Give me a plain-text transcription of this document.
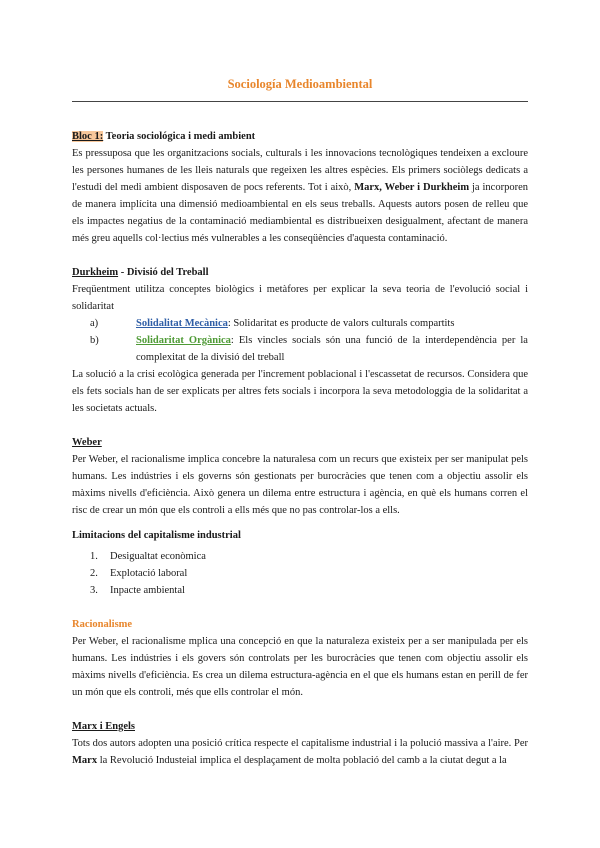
Sociología Medioambiental
Bloc 1: Teoria sociológica i medi ambient

Es pressuposa que les organitzacions socials, culturals i les innovacions tecnològiques tendeixen a excloure les persones humanes de les lleis naturals que regeixen les altres espècies. Els primers sociòlegs dedicats a l'estudi del medi ambient disposaven de pocs referents. Tot i això, Marx, Weber i Durkheim ja incorporen de manera implícita una dimensió medioambiental en els seus treballs. Aquests autors posen de relleu que els impactes negatius de la contaminació mediambiental es distribueixen desigualment, afectant de manera més greu aquells col·lectius més vulnerables a les conseqüències d'aquesta contaminació.

Durkheim - Divisió del Treball

Freqüentment utilitza conceptes biològics i metàfores per explicar la seva teoria de l'evolució social i solidaritat

a)	Solidalitat Mecànica: Solidaritat es producte de valors culturals compartits
b)	Solidaritat Orgànica: Els vincles socials són una funció de la interdependència per la complexitat de la divisió del treball

La solució a la crisi ecològica generada per l'increment poblacional i l'escassetat de recursos. Considera que els fets socials han de ser explicats per altres fets socials i incorpora la seva metodologgia de la solidaritat a les societats actuals.

Weber

Per Weber, el racionalisme implica concebre la naturalesa com un recurs que existeix per ser manipulat pels humans. Les indústries i els governs són gestionats per burocràcies que tenen com a objectiu assolir els màxims nivells d'eficiència. Això genera un dilema entre estructura i agència, en què els humans corren el risc de crear un món que els controli a ells més que no pas controlar-los a ells.

Limitacions del capitalisme industrial
1. Desigualtat econòmica
2. Explotació laboral
3. Inpacte ambiental
Racionalisme

Per Weber, el racionalisme mplica una concepció en que la naturaleza existeix per a ser manipulada per els humans. Les indústries i els govers són controlats per les burocràcies que tenen com objectiu assolir els màxims nivells d'eficiència. Es crea un dilema estructura-agència en el que els humans estan en perill de fer un món que els controli, més que ells controlar el món.

Marx i Engels

Tots dos autors adopten una posició crítica respecte el capitalisme industrial i la polució massiva a l'aire. Per Marx la Revolució Industeial implica el desplaçament de molta població del camb a la ciutat degut a la
